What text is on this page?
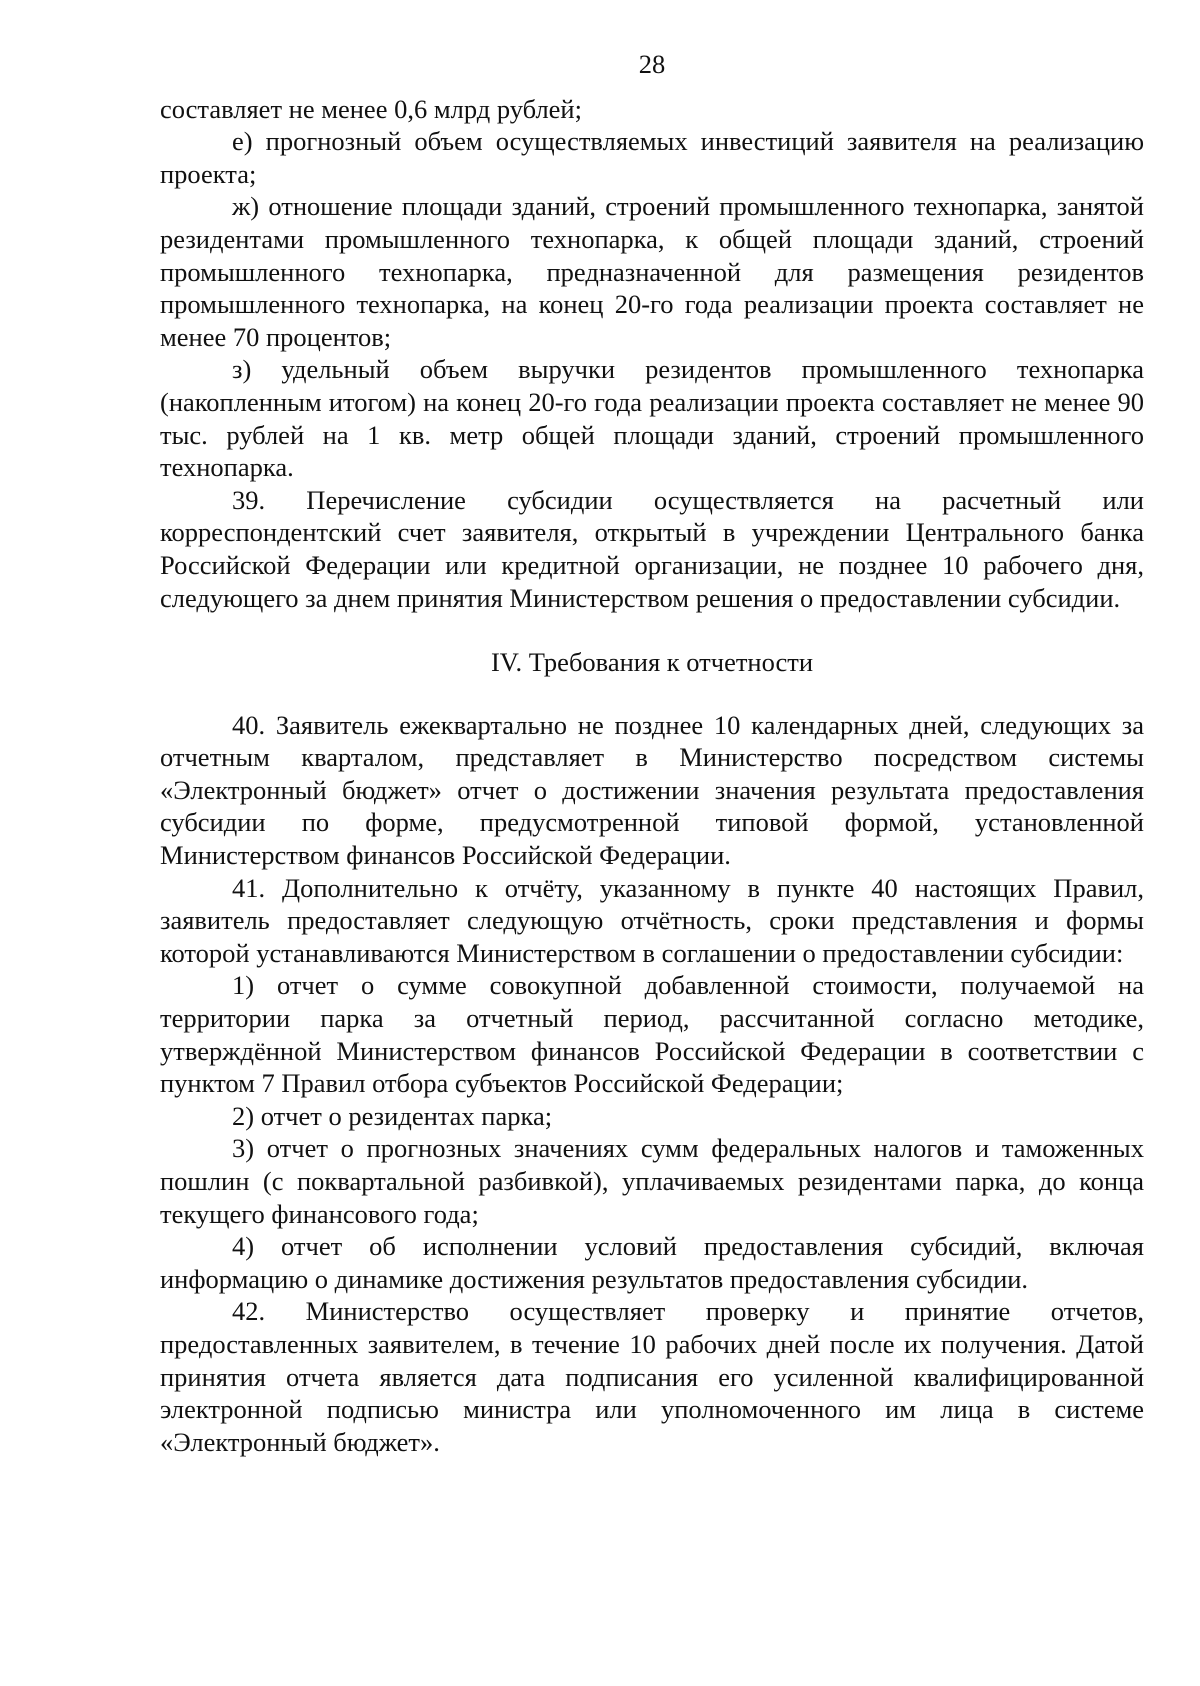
28

составляет не менее 0,6 млрд рублей;

е) прогнозный объем осуществляемых инвестиций заявителя на реализацию проекта;

ж) отношение площади зданий, строений промышленного технопарка, занятой резидентами промышленного технопарка, к общей площади зданий, строений промышленного технопарка, предназначенной для размещения резидентов промышленного технопарка, на конец 20-го года реализации проекта составляет не менее 70 процентов;

з) удельный объем выручки резидентов промышленного технопарка (накопленным итогом) на конец 20-го года реализации проекта составляет не менее 90 тыс. рублей на 1 кв. метр общей площади зданий, строений промышленного технопарка.

39. Перечисление субсидии осуществляется на расчетный или корреспондентский счет заявителя, открытый в учреждении Центрального банка Российской Федерации или кредитной организации, не позднее 10 рабочего дня, следующего за днем принятия Министерством решения о предоставлении субсидии.

IV. Требования к отчетности

40. Заявитель ежеквартально не позднее 10 календарных дней, следующих за отчетным кварталом, представляет в Министерство посредством системы «Электронный бюджет» отчет о достижении значения результата предоставления субсидии по форме, предусмотренной типовой формой, установленной Министерством финансов Российской Федерации.

41. Дополнительно к отчёту, указанному в пункте 40 настоящих Правил, заявитель предоставляет следующую отчётность, сроки представления и формы которой устанавливаются Министерством в соглашении о предоставлении субсидии:

1) отчет о сумме совокупной добавленной стоимости, получаемой на территории парка за отчетный период, рассчитанной согласно методике, утверждённой Министерством финансов Российской Федерации в соответствии с пунктом 7 Правил отбора субъектов Российской Федерации;

2) отчет о резидентах парка;

3) отчет о прогнозных значениях сумм федеральных налогов и таможенных пошлин (с поквартальной разбивкой), уплачиваемых резидентами парка, до конца текущего финансового года;

4) отчет об исполнении условий предоставления субсидий, включая информацию о динамике достижения результатов предоставления субсидии.

42. Министерство осуществляет проверку и принятие отчетов, предоставленных заявителем, в течение 10 рабочих дней после их получения. Датой принятия отчета является дата подписания его усиленной квалифицированной электронной подписью министра или уполномоченного им лица в системе «Электронный бюджет».
